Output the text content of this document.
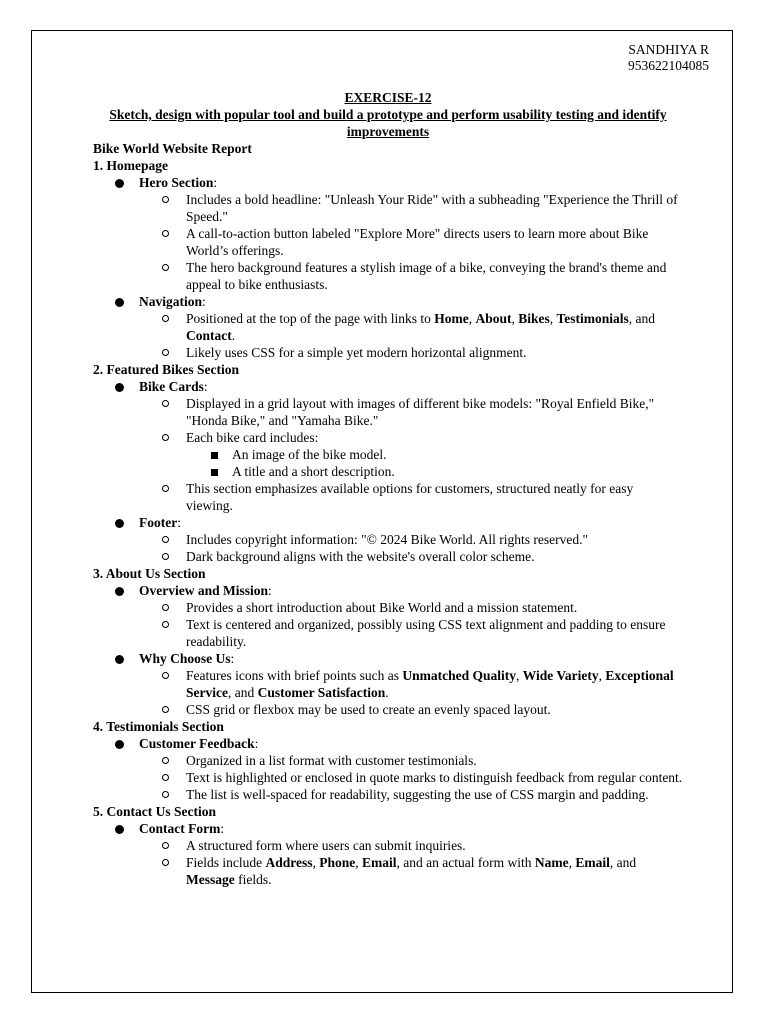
SANDHIYA R
953622104085
EXERCISE-12
Sketch, design with popular tool and build a prototype and perform usability testing and identify improvements
Bike World Website Report
1. Homepage
Hero Section:
Includes a bold headline: "Unleash Your Ride" with a subheading "Experience the Thrill of Speed."
A call-to-action button labeled "Explore More" directs users to learn more about Bike World’s offerings.
The hero background features a stylish image of a bike, conveying the brand's theme and appeal to bike enthusiasts.
Navigation:
Positioned at the top of the page with links to Home, About, Bikes, Testimonials, and Contact.
Likely uses CSS for a simple yet modern horizontal alignment.
2. Featured Bikes Section
Bike Cards:
Displayed in a grid layout with images of different bike models: "Royal Enfield Bike," "Honda Bike," and "Yamaha Bike."
Each bike card includes:
An image of the bike model.
A title and a short description.
This section emphasizes available options for customers, structured neatly for easy viewing.
Footer:
Includes copyright information: "© 2024 Bike World. All rights reserved."
Dark background aligns with the website's overall color scheme.
3. About Us Section
Overview and Mission:
Provides a short introduction about Bike World and a mission statement.
Text is centered and organized, possibly using CSS text alignment and padding to ensure readability.
Why Choose Us:
Features icons with brief points such as Unmatched Quality, Wide Variety, Exceptional Service, and Customer Satisfaction.
CSS grid or flexbox may be used to create an evenly spaced layout.
4. Testimonials Section
Customer Feedback:
Organized in a list format with customer testimonials.
Text is highlighted or enclosed in quote marks to distinguish feedback from regular content.
The list is well-spaced for readability, suggesting the use of CSS margin and padding.
5. Contact Us Section
Contact Form:
A structured form where users can submit inquiries.
Fields include Address, Phone, Email, and an actual form with Name, Email, and Message fields.
